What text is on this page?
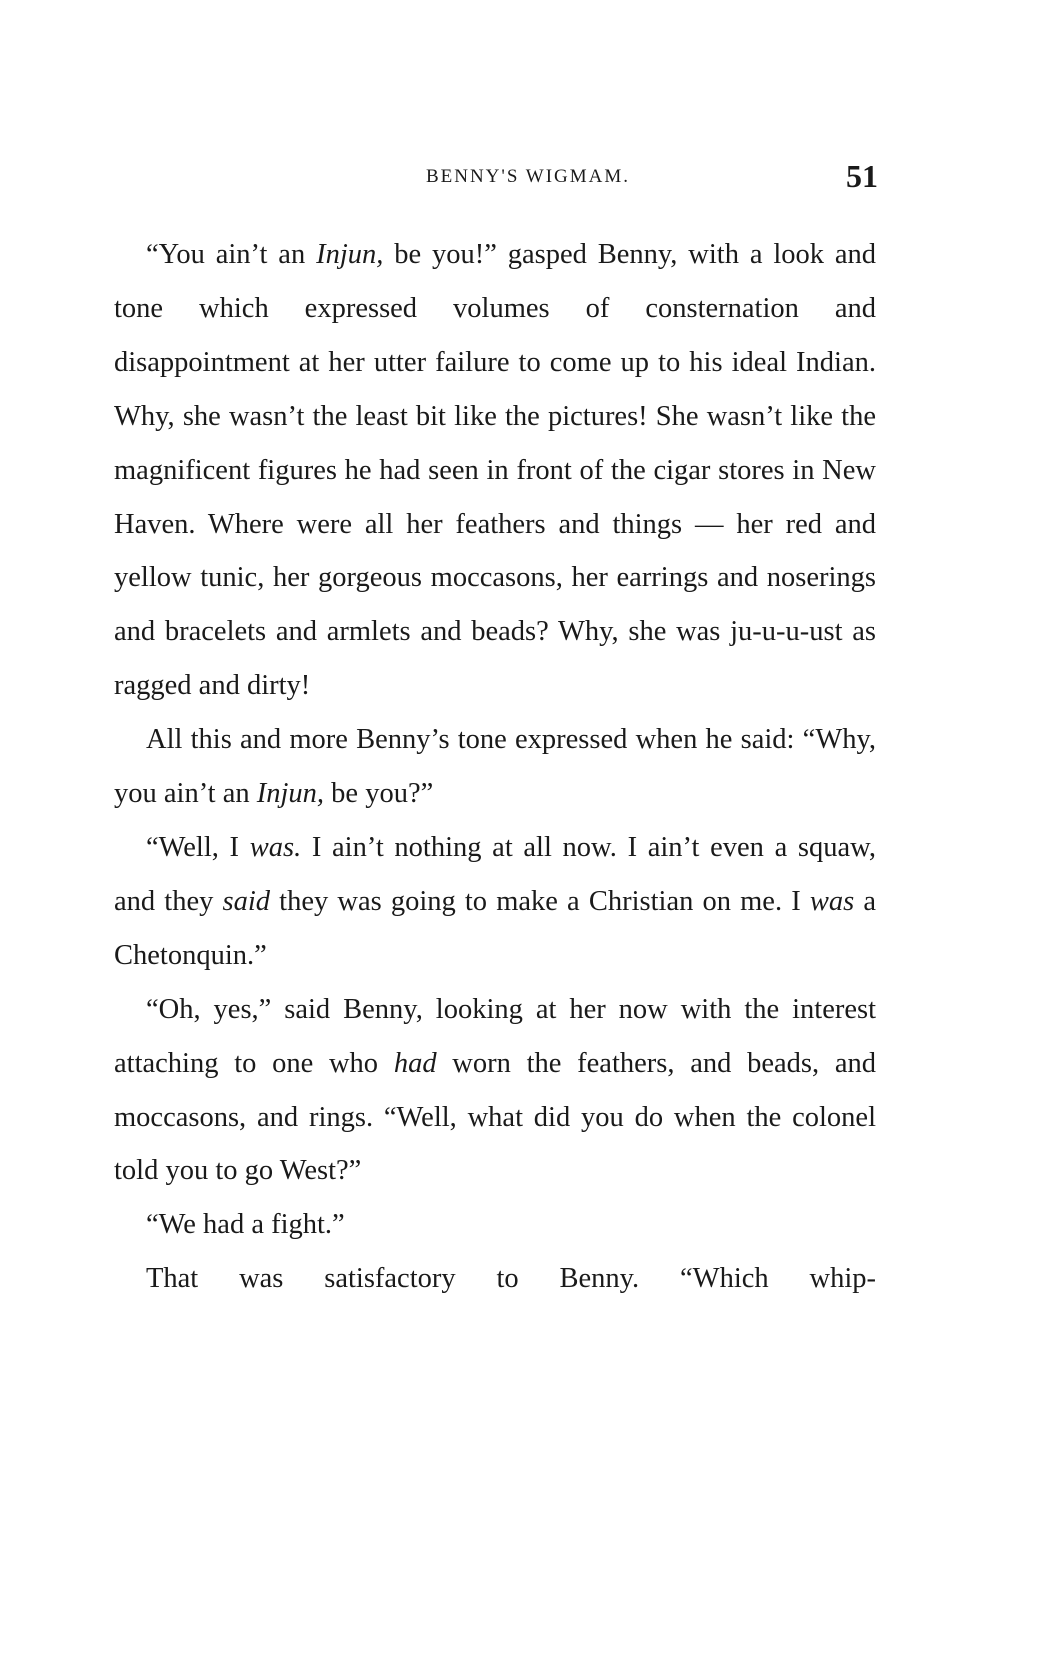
BENNY'S WIGMAM.	51

“You ain’t an Injun, be you!” gasped Benny, with a look and tone which expressed volumes of consternation and disappointment at her utter failure to come up to his ideal Indian. Why, she wasn’t the least bit like the pictures! She wasn’t like the magnificent figures he had seen in front of the cigar stores in New Haven. Where were all her feathers and things — her red and yellow tunic, her gorgeous moccasons, her earrings and noserings and bracelets and armlets and beads? Why, she was ju-u-u-ust as ragged and dirty!

All this and more Benny’s tone expressed when he said: “Why, you ain’t an Injun, be you?”

“Well, I was. I ain’t nothing at all now. I ain’t even a squaw, and they said they was going to make a Christian on me. I was a Chetonquin.”

“Oh, yes,” said Benny, looking at her now with the interest attaching to one who had worn the feathers, and beads, and moccasons, and rings. “Well, what did you do when the colonel told you to go West?”

“We had a fight.”

That was satisfactory to Benny. “Which whip-
